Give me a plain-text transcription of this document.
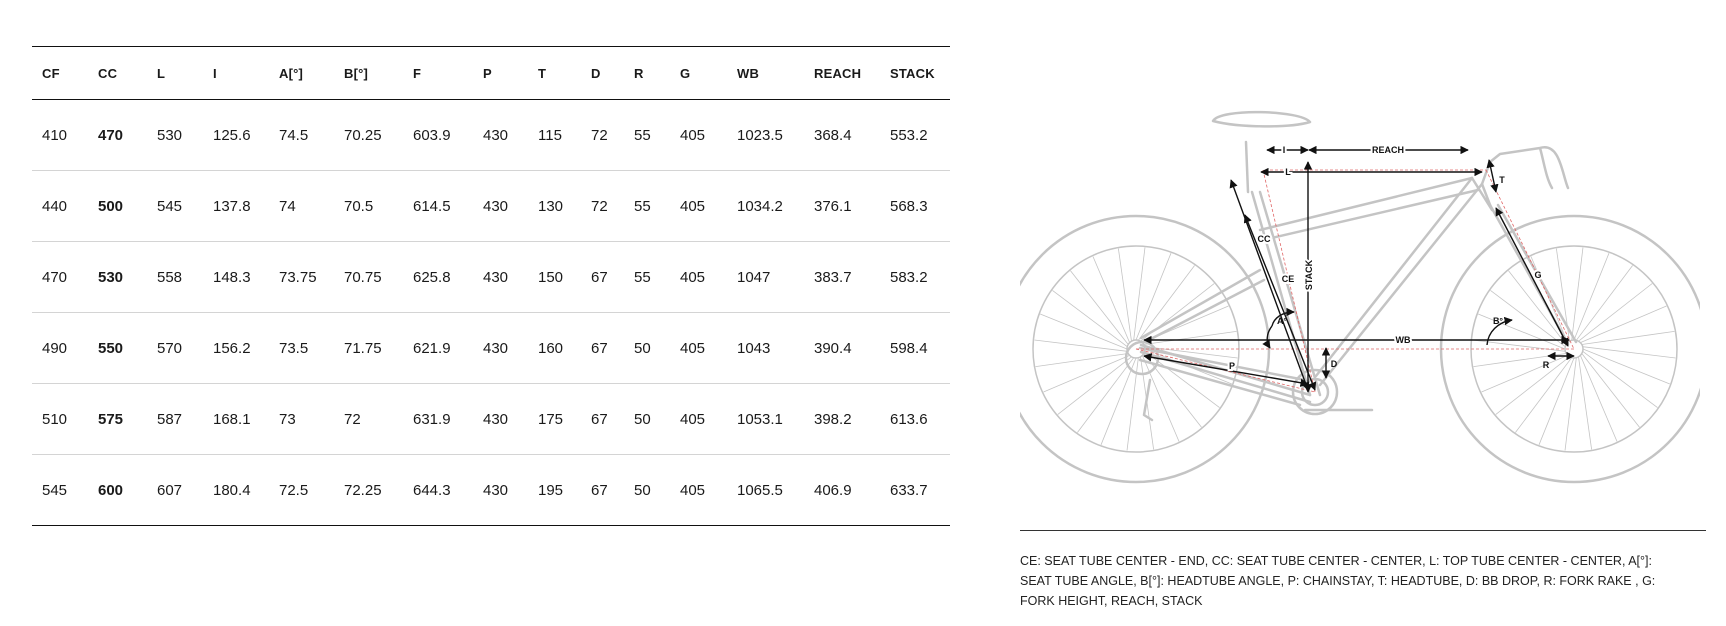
CF	CC	L	I	A[°]	B[°]	F	P	T	D	R	G	WB	REACH	STACK
410	470	530	125.6	74.5	70.25	603.9	430	115	72	55	405	1023.5	368.4	553.2
440	500	545	137.8	74	70.5	614.5	430	130	72	55	405	1034.2	376.1	568.3
470	530	558	148.3	73.75	70.75	625.8	430	150	67	55	405	1047	383.7	583.2
490	550	570	156.2	73.5	71.75	621.9	430	160	67	50	405	1043	390.4	598.4
510	575	587	168.1	73	72	631.9	430	175	67	50	405	1053.1	398.2	613.6
545	600	607	180.4	72.5	72.25	644.3	430	195	67	50	405	1065.5	406.9	633.7
I	REACH
L
T
CC
CE STACK	G
A°	B°
WB
D	R
P
CE: SEAT TUBE CENTER - END, CC: SEAT TUBE CENTER - CENTER, L: TOP TUBE CENTER - CENTER, A[°]: SEAT TUBE ANGLE, B[°]: HEADTUBE ANGLE, P: CHAINSTAY, T: HEADTUBE, D: BB DROP, R: FORK RAKE , G: FORK HEIGHT, REACH, STACK
